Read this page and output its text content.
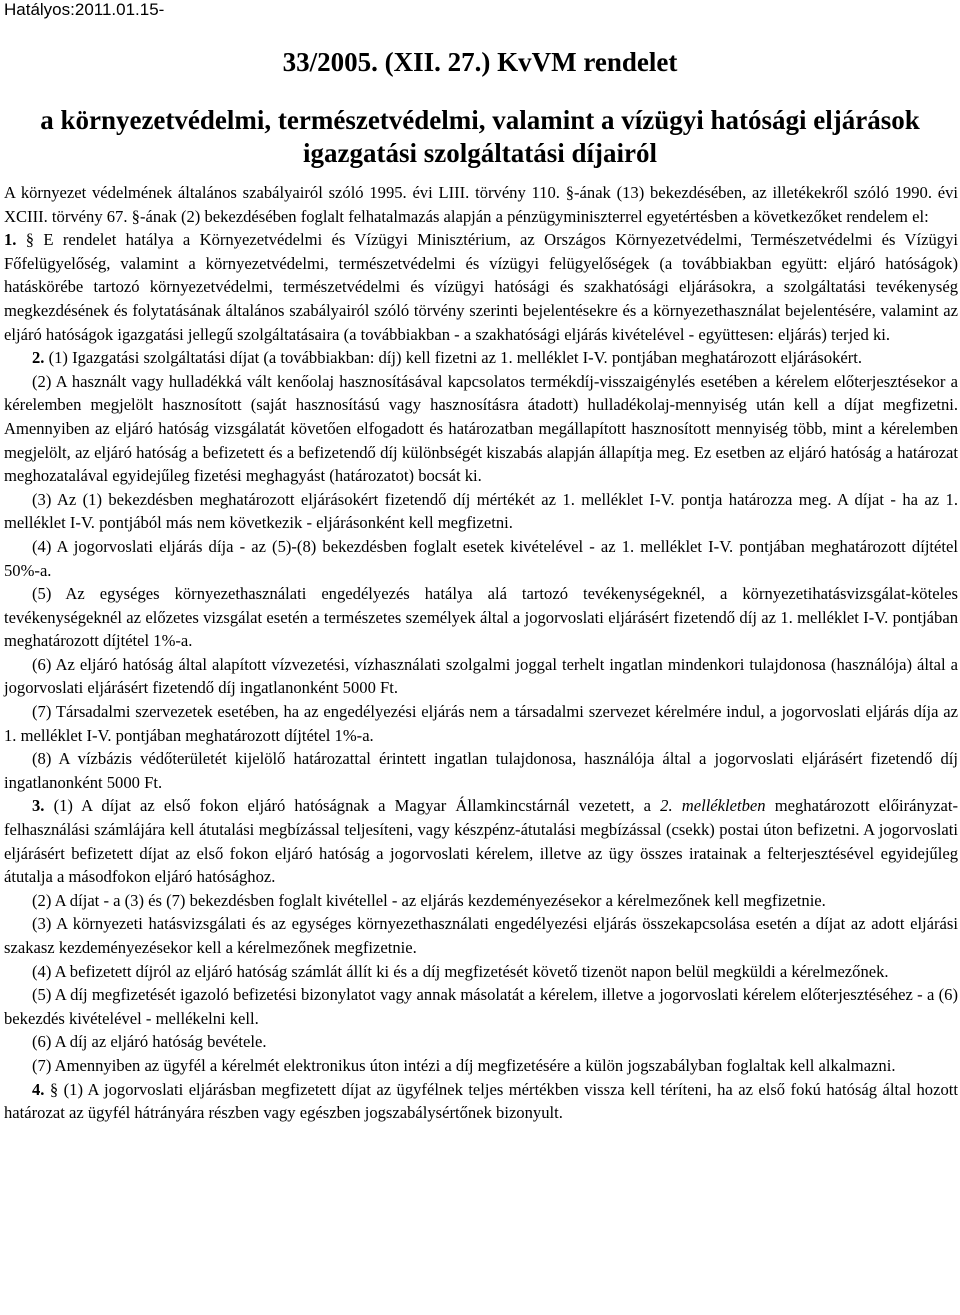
Hatályos:2011.01.15-
33/2005. (XII. 27.) KvVM rendelet
a környezetvédelmi, természetvédelmi, valamint a vízügyi hatósági eljárások
igazgatási szolgáltatási díjairól

A környezet védelmének általános szabályairól szóló 1995. évi LIII. törvény 110. §-ának (13) bekezdésében, az illetékekről szóló 1990. évi XCIII. törvény 67. §-ának (2) bekezdésében foglalt felhatalmazás alapján a pénzügyminiszterrel egyetértésben a következőket rendelem el:

1. § E rendelet hatálya a Környezetvédelmi és Vízügyi Minisztérium, az Országos Környezetvédelmi, Természetvédelmi és Vízügyi Főfelügyelőség, valamint a környezetvédelmi, természetvédelmi és vízügyi felügyelőségek (a továbbiakban együtt: eljáró hatóságok) hatáskörébe tartozó környezetvédelmi, természetvédelmi és vízügyi hatósági és szakhatósági eljárásokra, a szolgáltatási tevékenység megkezdésének és folytatásának általános szabályairól szóló törvény szerinti bejelentésekre és a környezethasználat bejelentésére, valamint az eljáró hatóságok igazgatási jellegű szolgáltatásaira (a továbbiakban - a szakhatósági eljárás kivételével - együttesen: eljárás) terjed ki.

2. (1) Igazgatási szolgáltatási díjat (a továbbiakban: díj) kell fizetni az 1. melléklet I-V. pontjában meghatározott eljárásokért.

(2) A használt vagy hulladékká vált kenőolaj hasznosításával kapcsolatos termékdíj-visszaigénylés esetében a kérelem előterjesztésekor a kérelemben megjelölt hasznosított (saját hasznosítású vagy hasznosításra átadott) hulladékolaj-mennyiség után kell a díjat megfizetni. Amennyiben az eljáró hatóság vizsgálatát követően elfogadott és határozatban megállapított hasznosított mennyiség több, mint a kérelemben megjelölt, az eljáró hatóság a befizetett és a befizetendő díj különbségét kiszabás alapján állapítja meg. Ez esetben az eljáró hatóság a határozat meghozatalával egyidejűleg fizetési meghagyást (határozatot) bocsát ki.

(3) Az (1) bekezdésben meghatározott eljárásokért fizetendő díj mértékét az 1. melléklet I-V. pontja határozza meg. A díjat - ha az 1. melléklet I-V. pontjából más nem következik - eljárásonként kell megfizetni.

(4) A jogorvoslati eljárás díja - az (5)-(8) bekezdésben foglalt esetek kivételével - az 1. melléklet I-V. pontjában meghatározott díjtétel 50%-a.

(5) Az egységes környezethasználati engedélyezés hatálya alá tartozó tevékenységeknél, a környezetihatásvizsgálat-köteles tevékenységeknél az előzetes vizsgálat esetén a természetes személyek által a jogorvoslati eljárásért fizetendő díj az 1. melléklet I-V. pontjában meghatározott díjtétel 1%-a.

(6) Az eljáró hatóság által alapított vízvezetési, vízhasználati szolgalmi joggal terhelt ingatlan mindenkori tulajdonosa (használója) által a jogorvoslati eljárásért fizetendő díj ingatlanonként 5000 Ft.

(7) Társadalmi szervezetek esetében, ha az engedélyezési eljárás nem a társadalmi szervezet kérelmére indul, a jogorvoslati eljárás díja az 1. melléklet I-V. pontjában meghatározott díjtétel 1%-a.

(8) A vízbázis védőterületét kijelölő határozattal érintett ingatlan tulajdonosa, használója által a jogorvoslati eljárásért fizetendő díj ingatlanonként 5000 Ft.

3. (1) A díjat az első fokon eljáró hatóságnak a Magyar Államkincstárnál vezetett, a 2. mellékletben meghatározott előirányzat-felhasználási számlájára kell átutalási megbízással teljesíteni, vagy készpénz-átutalási megbízással (csekk) postai úton befizetni. A jogorvoslati eljárásért befizetett díjat az első fokon eljáró hatóság a jogorvoslati kérelem, illetve az ügy összes iratainak a felterjesztésével egyidejűleg átutalja a másodfokon eljáró hatósághoz.

(2) A díjat - a (3) és (7) bekezdésben foglalt kivétellel - az eljárás kezdeményezésekor a kérelmezőnek kell megfizetnie.

(3) A környezeti hatásvizsgálati és az egységes környezethasználati engedélyezési eljárás összekapcsolása esetén a díjat az adott eljárási szakasz kezdeményezésekor kell a kérelmezőnek megfizetnie.

(4) A befizetett díjról az eljáró hatóság számlát állít ki és a díj megfizetését követő tizenöt napon belül megküldi a kérelmezőnek.

(5) A díj megfizetését igazoló befizetési bizonylatot vagy annak másolatát a kérelem, illetve a jogorvoslati kérelem előterjesztéséhez - a (6) bekezdés kivételével - mellékelni kell.

(6) A díj az eljáró hatóság bevétele.

(7) Amennyiben az ügyfél a kérelmét elektronikus úton intézi a díj megfizetésére a külön jogszabályban foglaltak kell alkalmazni.

4. § (1) A jogorvoslati eljárásban megfizetett díjat az ügyfélnek teljes mértékben vissza kell téríteni, ha az első fokú hatóság által hozott határozat az ügyfél hátrányára részben vagy egészben jogszabálysértőnek bizonyult.
